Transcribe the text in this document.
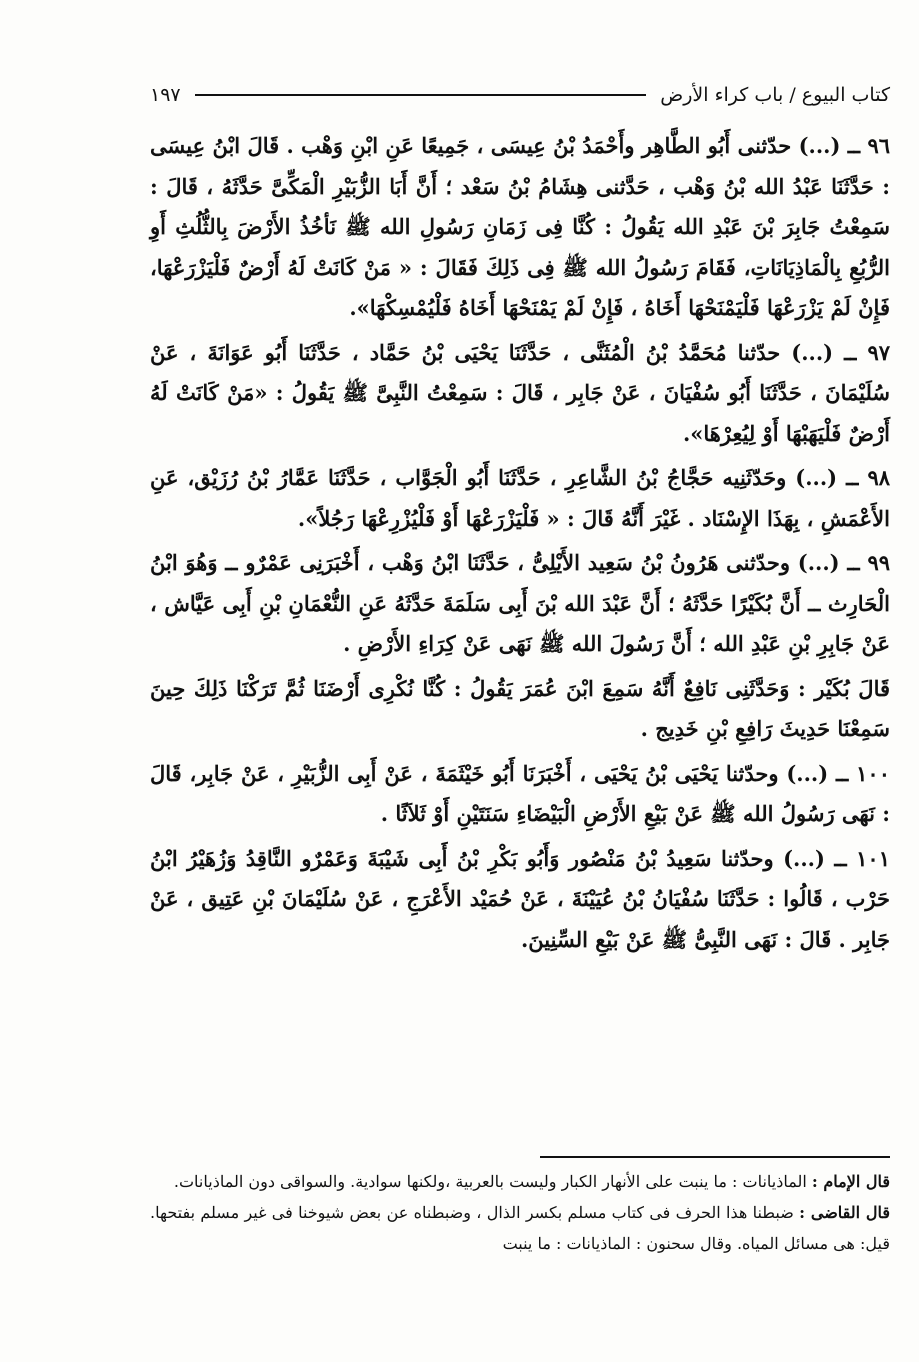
كتاب البيوع / باب كراء الأرض
١٩٧

٩٦ ــ (...) حدّثنى أَبُو الطَّاهِر وأَحْمَدُ بْنُ عِيسَى ، جَمِيعًا عَنِ ابْنِ وَهْب . قَالَ ابْنُ عِيسَى : حَدَّثَنَا عَبْدُ الله بْنُ وَهْب ، حَدَّثنى هِشَامُ بْنُ سَعْد ؛ أَنَّ أَبَا الزُّبَيْرِ الْمَكِّىَّ حَدَّثَهُ ، قَالَ : سَمِعْتُ جَابِرَ بْنَ عَبْدِ الله يَقُولُ : كُنَّا فِى زَمَانِ رَسُولِ الله ﷺ نَأخُذُ الأَرْضَ بِالثُّلُثِ أَوِ الرُّبُعِ بِالْمَاذِيَانَاتِ، فَقَامَ رَسُولُ الله ﷺ فِى ذَلِكَ فَقَالَ : « مَنْ كَانَتْ لَهُ أَرْضٌ فَلْيَزْرَعْهَا، فَإِنْ لَمْ يَزْرَعْهَا فَلْيَمْنَحْهَا أَخَاهُ ، فَإِنْ لَمْ يَمْنَحْهَا أَخَاهُ فَلْيُمْسِكْهَا».

٩٧ ــ (...) حدّثنا مُحَمَّدُ بْنُ الْمُثَنَّى ، حَدَّثَنَا يَحْيَى بْنُ حَمَّاد ، حَدَّثَنَا أَبُو عَوَانَةَ ، عَنْ سُلَيْمَانَ ، حَدَّثَنَا أَبُو سُفْيَانَ ، عَنْ جَابِر ، قَالَ : سَمِعْتُ النَّبِىَّ ﷺ يَقُولُ : «مَنْ كَانَتْ لَهُ أَرْضٌ فَلْيَهَبْهَا أَوْ لِيُعِرْهَا».

٩٨ ــ (...) وحَدّثَنِيه حَجَّاجُ بْنُ الشَّاعِرِ ، حَدَّثَنَا أَبُو الْجَوَّاب ، حَدَّثَنَا عَمَّارُ بْنُ رُزَيْق، عَنِ الأَعْمَشِ ، بِهَذَا الإِسْنَاد . غَيْرَ أَنَّهُ قَالَ : « فَلْيَزْرَعْهَا أَوْ فَلْيُزْرِعْهَا رَجُلاً».

٩٩ ــ (...) وحدّثنى هَرُونُ بْنُ سَعِيد الأَيْلِىُّ ، حَدَّثَنَا ابْنُ وَهْب ، أَخْبَرَنِى عَمْرٌو ــ وَهُوَ ابْنُ الْحَارِث ــ أَنَّ بُكَيْرًا حَدَّثَهُ ؛ أَنَّ عَبْدَ الله بْنَ أَبِى سَلَمَةَ حَدَّثَهُ عَنِ النُّعْمَانِ بْنِ أَبِى عَيَّاش ، عَنْ جَابِرِ بْنِ عَبْدِ الله ؛ أَنَّ رَسُولَ الله ﷺ نَهَى عَنْ كِرَاءِ الأَرْضِ .

قَالَ بُكَيْر : وَحَدَّثَنِى نَافِعٌ أَنَّهُ سَمِعَ ابْنَ عُمَرَ يَقُولُ : كُنَّا نُكْرِى أَرْضَنَا ثُمَّ تَرَكْنَا ذَلِكَ حِينَ سَمِعْنَا حَدِيثَ رَافِعِ بْنِ خَدِيج .

١٠٠ ــ (...) وحدّثنا يَحْيَى بْنُ يَحْيَى ، أَخْبَرَنَا أَبُو خَيْثَمَةَ ، عَنْ أَبِى الزُّبَيْرِ ، عَنْ جَابِر، قَالَ : نَهَى رَسُولُ الله ﷺ عَنْ بَيْعِ الأَرْضِ الْبَيْضَاءِ سَنَتَيْنِ أَوْ ثَلاَثًا .

١٠١ ــ (...) وحدّثنا سَعِيدُ بْنُ مَنْصُور وَأَبُو بَكْرِ بْنُ أَبِى شَيْبَةَ وَعَمْرٌو النَّاقِدُ وَزُهَيْرُ ابْنُ حَرْب ، قَالُوا : حَدَّثَنَا سُفْيَانُ بْنُ عُيَيْنَةَ ، عَنْ حُمَيْد الأَعْرَجِ ، عَنْ سُلَيْمَانَ بْنِ عَتِيق ، عَنْ جَابِر . قَالَ : نَهَى النَّبِىُّ ﷺ عَنْ بَيْعِ السِّنِينَ.

قال الإمام : الماذيانات : ما ينبت على الأنهار الكبار وليست بالعربية ،ولكنها سوادية. والسواقى دون الماذيانات.

قال القاضى : ضبطنا هذا الحرف فى كتاب مسلم بكسر الذال ، وضبطناه عن بعض شيوخنا فى غير مسلم بفتحها. قيل: هى مسائل المياه. وقال سحنون : الماذيانات : ما ينبت
